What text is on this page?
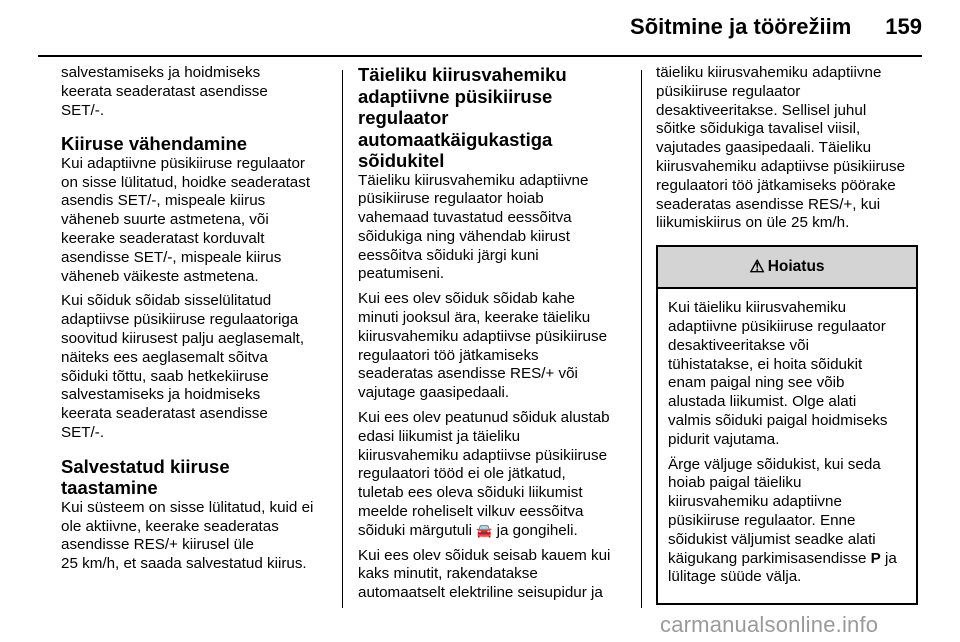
Sõitmine ja töörežiim 159

salvestamiseks ja hoidmiseks
keerata seaderatast asendisse
SET/-.

Kiiruse vähendamine

Kui adaptiivne püsikiiruse regulaator
on sisse lülitatud, hoidke seaderatast
asendis SET/-, mispeale kiirus
väheneb suurte astmetena, või
keerake seaderatast korduvalt
asendisse SET/-, mispeale kiirus
väheneb väikeste astmetena.

Kui sõiduk sõidab sisselülitatud
adaptiivse püsikiiruse regulaatoriga
soovitud kiirusest palju aeglasemalt,
näiteks ees aeglasemalt sõitva
sõiduki tõttu, saab hetkekiiruse
salvestamiseks ja hoidmiseks
keerata seaderatast asendisse
SET/-.

Salvestatud kiiruse taastamine

Kui süsteem on sisse lülitatud, kuid ei
ole aktiivne, keerake seaderatas
asendisse RES/+ kiirusel üle
25 km/h, et saada salvestatud kiirus.

Täieliku kiirusvahemiku
adaptiivne püsikiiruse
regulaator
automaatkäigukastiga
sõidukitel

Täieliku kiirusvahemiku adaptiivne
püsikiiruse regulaator hoiab
vahemaad tuvastatud eessõitva
sõidukiga ning vähendab kiirust
eessõitva sõiduki järgi kuni
peatumiseni.

Kui ees olev sõiduk sõidab kahe
minuti jooksul ära, keerake täieliku
kiirusvahemiku adaptiivse püsikiiruse
regulaatori töö jätkamiseks
seaderatas asendisse RES/+ või
vajutage gaasipedaali.

Kui ees olev peatunud sõiduk alustab
edasi liikumist ja täieliku
kiirusvahemiku adaptiivse püsikiiruse
regulaatori tööd ei ole jätkatud,
tuletab ees oleva sõiduki liikumist
meelde roheliselt vilkuv eessõitva
sõiduki märgutuli 🚘 ja gongiheli.

Kui ees olev sõiduk seisab kauem kui
kaks minutit, rakendatakse
automaatselt elektriline seisupidur ja

täieliku kiirusvahemiku adaptiivne
püsikiiruse regulaator
desaktiveeritakse. Sellisel juhul
sõitke sõidukiga tavalisel viisil,
vajutades gaasipedaali. Täieliku
kiirusvahemiku adaptiivse püsikiiruse
regulaatori töö jätkamiseks pöörake
seaderatas asendisse RES/+, kui
liikumiskiirus on üle 25 km/h.

⚠ Hoiatus

Kui täieliku kiirusvahemiku
adaptiivne püsikiiruse regulaator
desaktiveeritakse või
tühistatakse, ei hoita sõidukit
enam paigal ning see võib
alustada liikumist. Olge alati
valmis sõiduki paigal hoidmiseks
pidurit vajutama.

Ärge väljuge sõidukist, kui seda
hoiab paigal täieliku
kiirusvahemiku adaptiivne
püsikiiruse regulaator. Enne
sõidukist väljumist seadke alati
käigukang parkimisasendisse P ja
lülitage süüde välja.

carmanualsonline.info
